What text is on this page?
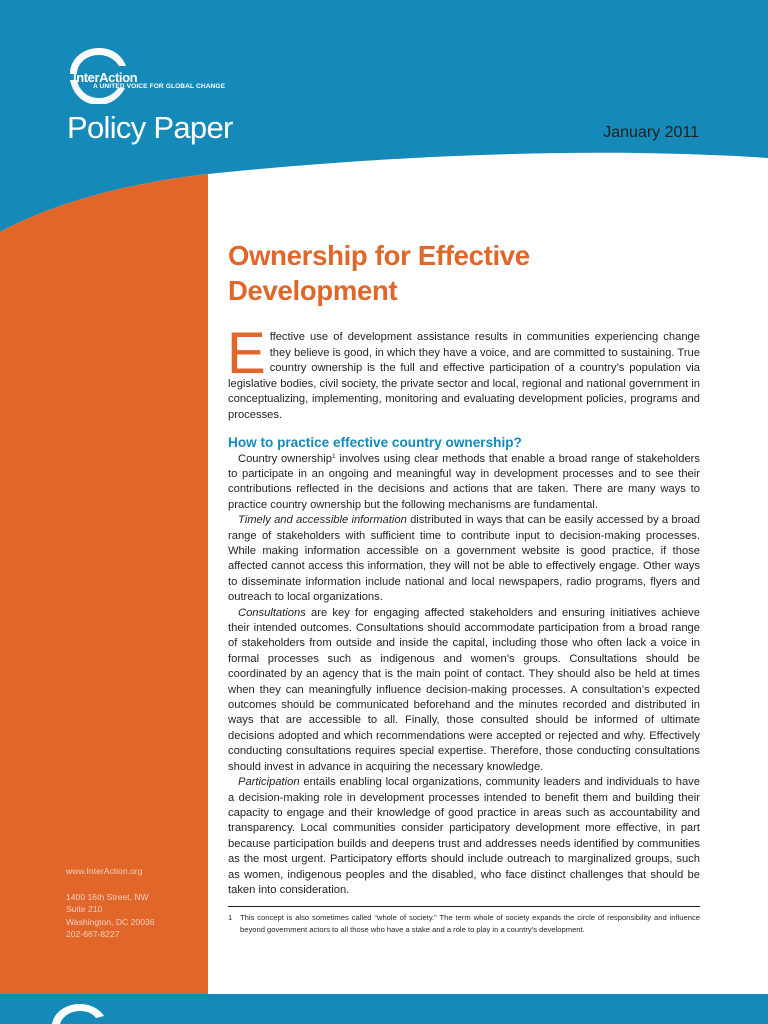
InterAction
A UNITED VOICE FOR GLOBAL CHANGE
Policy Paper	January 2011
www.InterAction.org
1400 16th Street, NW
Suite 210
Washington, DC 20036
202-667-8227
Ownership for Effective
Development

Effective use of development assistance results in communities experiencing change they believe is good, in which they have a voice, and are committed to sustaining. True country ownership is the full and effective participation of a country’s population via legislative bodies, civil society, the private sector and local, regional and national government in conceptualizing, implementing, monitoring and evaluating development policies, programs and processes.

How to practice effective country ownership?

Country ownership$^1$ involves using clear methods that enable a broad range of stakeholders to participate in an ongoing and meaningful way in development processes and to see their contributions reflected in the decisions and actions that are taken. There are many ways to practice country ownership but the following mechanisms are fundamental.

Timely and accessible information distributed in ways that can be easily accessed by a broad range of stakeholders with sufficient time to contribute input to decision-making processes. While making information accessible on a government website is good practice, if those affected cannot access this information, they will not be able to effectively engage. Other ways to disseminate information include national and local newspapers, radio programs, flyers and outreach to local organizations.

Consultations are key for engaging affected stakeholders and ensuring initiatives achieve their intended outcomes. Consultations should accommodate participation from a broad range of stakeholders from outside and inside the capital, including those who often lack a voice in formal processes such as indigenous and women’s groups. Consultations should be coordinated by an agency that is the main point of contact. They should also be held at times when they can meaningfully influence decision-making processes. A consultation’s expected outcomes should be communicated beforehand and the minutes recorded and distributed in ways that are accessible to all. Finally, those consulted should be informed of ultimate decisions adopted and which recommendations were accepted or rejected and why. Effectively conducting consultations requires special expertise. Therefore, those conducting consultations should invest in advance in acquiring the necessary knowledge.

Participation entails enabling local organizations, community leaders and individuals to have a decision-making role in development processes intended to benefit them and building their capacity to engage and their knowledge of good practice in areas such as accountability and transparency. Local communities consider participatory development more effective, in part because participation builds and deepens trust and addresses needs identified by communities as the most urgent. Participatory efforts should include outreach to marginalized groups, such as women, indigenous peoples and the disabled, who face distinct challenges that should be taken into consideration.

1	This concept is also sometimes called “whole of society.” The term whole of society expands the circle of responsibility and influence beyond government actors to all those who have a stake and a role to play in a country’s development.
